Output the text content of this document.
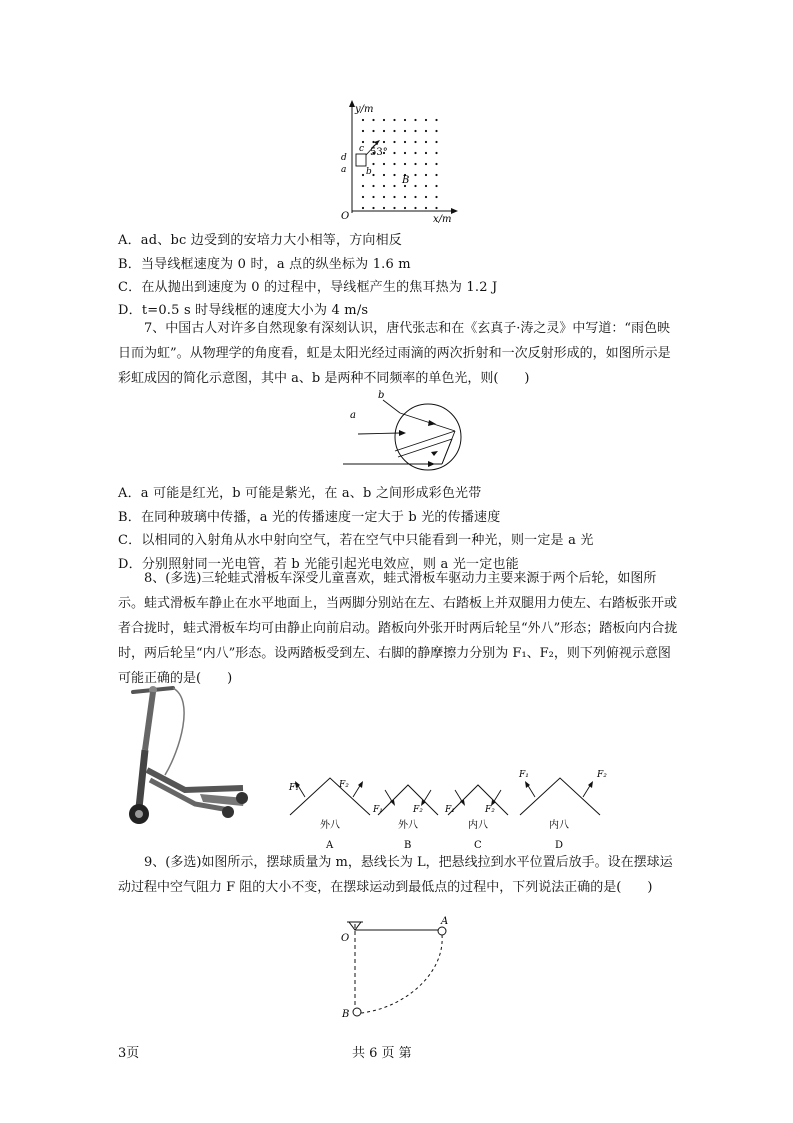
y/m
x/m
O
53°
c
d
a b
B
A．ad、bc 边受到的安培力大小相等，方向相反
B．当导线框速度为 0 时，a 点的纵坐标为 1.6 m
C．在从抛出到速度为 0 的过程中，导线框产生的焦耳热为 1.2 J
D．t=0.5 s 时导线框的速度大小为 4 m/s
7、中国古人对许多自然现象有深刻认识，唐代张志和在《玄真子·涛之灵》中写道：“雨色映日而为虹”。从物理学的角度看，虹是太阳光经过雨滴的两次折射和一次反射形成的，如图所示是彩虹成因的简化示意图，其中 a、b 是两种不同频率的单色光，则(　　)
a
b
A．a 可能是红光，b 可能是紫光，在 a、b 之间形成彩色光带
B．在同种玻璃中传播，a 光的传播速度一定大于 b 光的传播速度
C．以相同的入射角从水中射向空气，若在空气中只能看到一种光，则一定是 a 光
D．分别照射同一光电管，若 b 光能引起光电效应，则 a 光一定也能
8、(多选)三轮蛙式滑板车深受儿童喜欢，蛙式滑板车驱动力主要来源于两个后轮，如图所示。蛙式滑板车静止在水平地面上，当两脚分别站在左、右踏板上并双腿用力使左、右踏板张开或者合拢时，蛙式滑板车均可由静止向前启动。踏板向外张开时两后轮呈“外八”形态；踏板向内合拢时，两后轮呈“内八”形态。设两踏板受到左、右脚的静摩擦力分别为 F₁、F₂，则下列俯视示意图可能正确的是(　　)
F₁	F₂
F₁	F₂ F₁	F₂
F₁	F₂
外八	外八	内八	内八
A	B	C	D
9、(多选)如图所示，摆球质量为 m，悬线长为 L，把悬线拉到水平位置后放手。设在摆球运动过程中空气阻力 F 阻的大小不变，在摆球运动到最低点的过程中，下列说法正确的是(　　)
O
A
B
3页	共 6 页 第
